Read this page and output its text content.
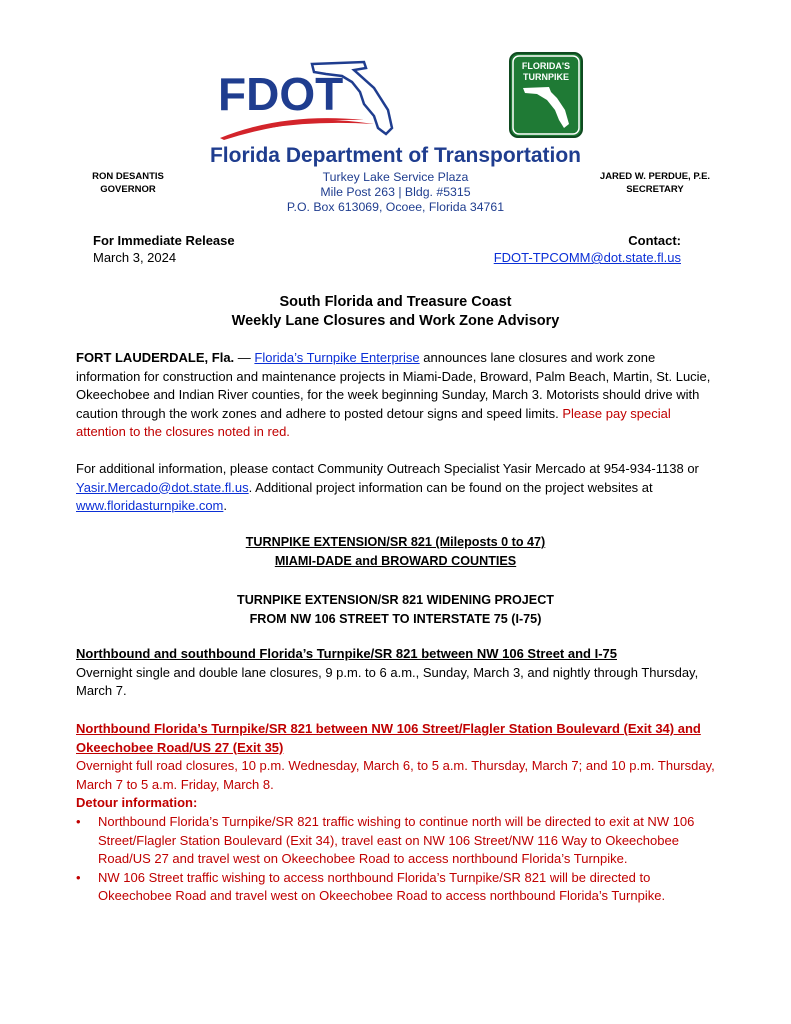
FDOT
FLORIDA'S
TURNPIKE
Florida Department of Transportation
RON DESANTIS
GOVERNOR
Turkey Lake Service Plaza
Mile Post 263 | Bldg. #5315
P.O. Box 613069, Ocoee, Florida 34761
JARED W. PERDUE, P.E.
SECRETARY
For Immediate Release
March 3, 2024
Contact:
FDOT-TPCOMM@dot.state.fl.us
South Florida and Treasure Coast
Weekly Lane Closures and Work Zone Advisory
FORT LAUDERDALE, Fla. — Florida’s Turnpike Enterprise announces lane closures and work zone information for construction and maintenance projects in Miami-Dade, Broward, Palm Beach, Martin, St. Lucie, Okeechobee and Indian River counties, for the week beginning Sunday, March 3. Motorists should drive with caution through the work zones and adhere to posted detour signs and speed limits. Please pay special attention to the closures noted in red.
For additional information, please contact Community Outreach Specialist Yasir Mercado at 954-934-1138 or Yasir.Mercado@dot.state.fl.us. Additional project information can be found on the project websites at www.floridasturnpike.com.
TURNPIKE EXTENSION/SR 821 (Mileposts 0 to 47)
MIAMI-DADE and BROWARD COUNTIES
TURNPIKE EXTENSION/SR 821 WIDENING PROJECT
FROM NW 106 STREET TO INTERSTATE 75 (I-75)
Northbound and southbound Florida’s Turnpike/SR 821 between NW 106 Street and I-75
Overnight single and double lane closures, 9 p.m. to 6 a.m., Sunday, March 3, and nightly through Thursday, March 7.
Northbound Florida’s Turnpike/SR 821 between NW 106 Street/Flagler Station Boulevard (Exit 34) and Okeechobee Road/US 27 (Exit 35)
Overnight full road closures, 10 p.m. Wednesday, March 6, to 5 a.m. Thursday, March 7; and 10 p.m. Thursday, March 7 to 5 a.m. Friday, March 8.
Detour information:
• Northbound Florida’s Turnpike/SR 821 traffic wishing to continue north will be directed to exit at NW 106 Street/Flagler Station Boulevard (Exit 34), travel east on NW 106 Street/NW 116 Way to Okeechobee Road/US 27 and travel west on Okeechobee Road to access northbound Florida’s Turnpike.
• NW 106 Street traffic wishing to access northbound Florida’s Turnpike/SR 821 will be directed to Okeechobee Road and travel west on Okeechobee Road to access northbound Florida’s Turnpike.
